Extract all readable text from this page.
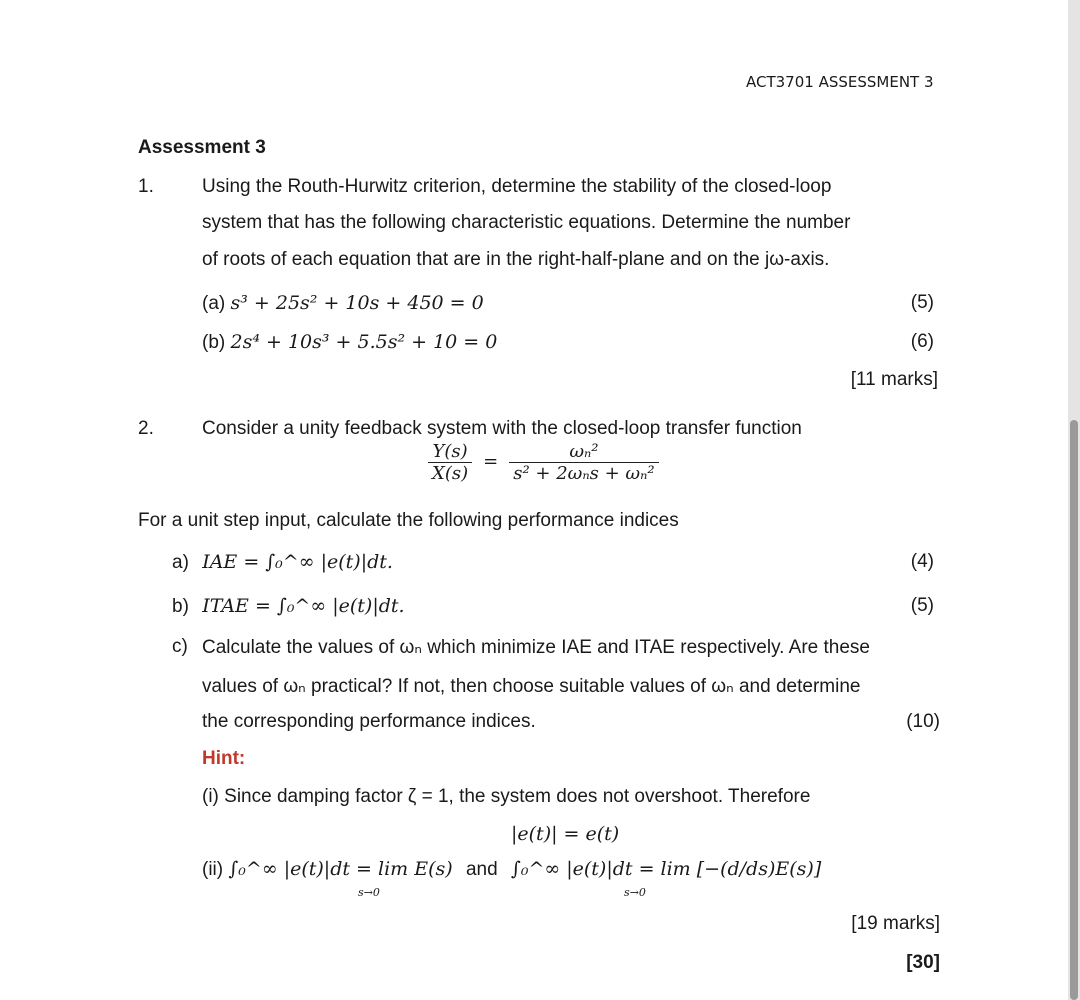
ACT3701 ASSESSMENT 3
Assessment 3
1.	Using the Routh-Hurwitz criterion, determine the stability of the closed-loop
system that has the following characteristic equations. Determine the number
of roots of each equation that are in the right-half-plane and on the jω-axis.
(a) s³ + 25s² + 10s + 450 = 0	(5)
(b) 2s⁴ + 10s³ + 5.5s² + 10 = 0	(6)
[11 marks]
2.	Consider a unity feedback system with the closed-loop transfer function
$\frac{Y(s)}{X(s)} = \frac{\text{ωₙ²}}{\text{s² + 2ωₙs + ωₙ²}}$
For a unit step input, calculate the following performance indices
a) IAE = ∫₀^∞ |e(t)|dt.	(4)
b) ITAE = ∫₀^∞ |e(t)|dt.	(5)
c) Calculate the values of ωₙ which minimize IAE and ITAE respectively. Are these
values of ωₙ practical? If not, then choose suitable values of ωₙ and determine
the corresponding performance indices.	(10)
Hint:
(i) Since damping factor ζ = 1, the system does not overshoot. Therefore
|e(t)| = e(t)
(ii) ∫₀^∞ |e(t)|dt = lim E(s) and ∫₀^∞ |e(t)|dt = lim [−(d/ds)E(s)]
s→0	s→0
[19 marks]
[30]
